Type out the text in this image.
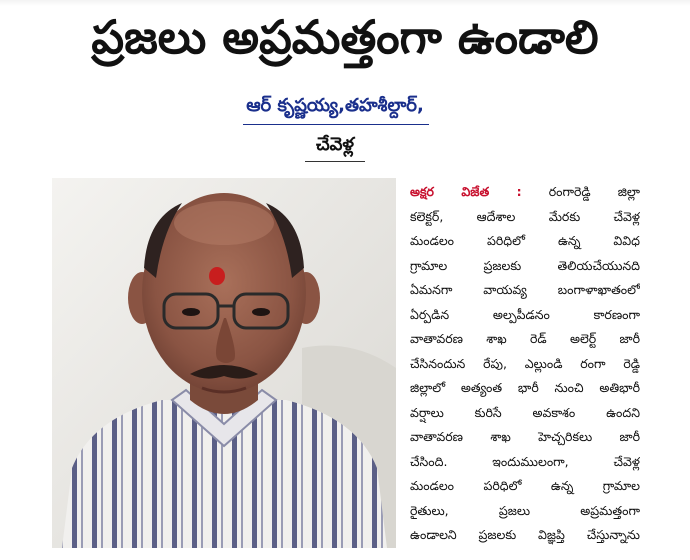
ప్రజలు అప్రమత్తంగా ఉండాలి
ఆర్ కృష్ణయ్య,తహశీల్దార్,
చేవెళ్ల
అక్షర విజేత : రంగారెడ్డి జిల్లా
కలెక్టర్, ఆదేశాల మేరకు చేవెళ్ల
మండలం పరిధిలో ఉన్న వివిధ
గ్రామాల ప్రజలకు తెలియచేయునది
ఏమనగా వాయవ్య బంగాళాఖాతంలో
ఏర్పడిన అల్పపీడనం కారణంగా
వాతావరణ శాఖ రెడ్ అలెర్ట్ జారీ
చేసినందున రేపు, ఎల్లుండి రంగా రెడ్డి
జిల్లాలో అత్యంత భారీ నుంచి అతిభారీ
వర్షాలు కురిసే అవకాశం ఉందని
వాతావరణ శాఖ హెచ్చరికలు జారీ
చేసింది. ఇందుములంగా, చేవెళ్ల
మండలం పరిధిలో ఉన్న గ్రామాల
రైతులు, ప్రజలు అప్రమత్తంగా
ఉండాలని ప్రజలకు విజ్ఞప్తి చేస్తున్నాను
